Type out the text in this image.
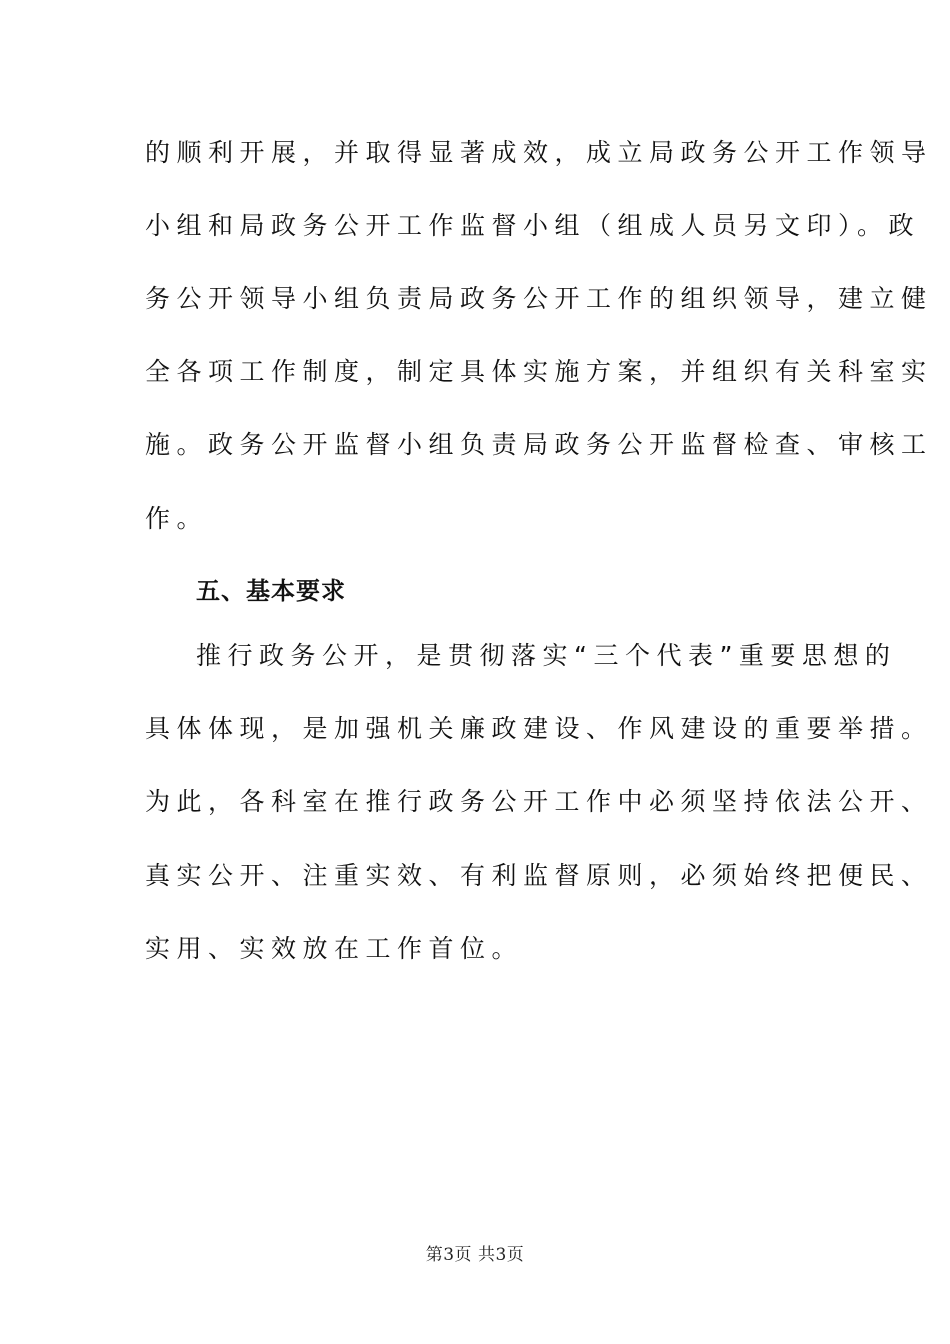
的顺利开展，并取得显著成效，成立局政务公开工作领导
小组和局政务公开工作监督小组（组成人员另文印）。政
务公开领导小组负责局政务公开工作的组织领导，建立健
全各项工作制度，制定具体实施方案，并组织有关科室实
施。政务公开监督小组负责局政务公开监督检查、审核工
作。
五、基本要求
推行政务公开，是贯彻落实“三个代表”重要思想的
具体体现，是加强机关廉政建设、作风建设的重要举措。
为此，各科室在推行政务公开工作中必须坚持依法公开、
真实公开、注重实效、有利监督原则，必须始终把便民、
实用、实效放在工作首位。
第3页 共3页
